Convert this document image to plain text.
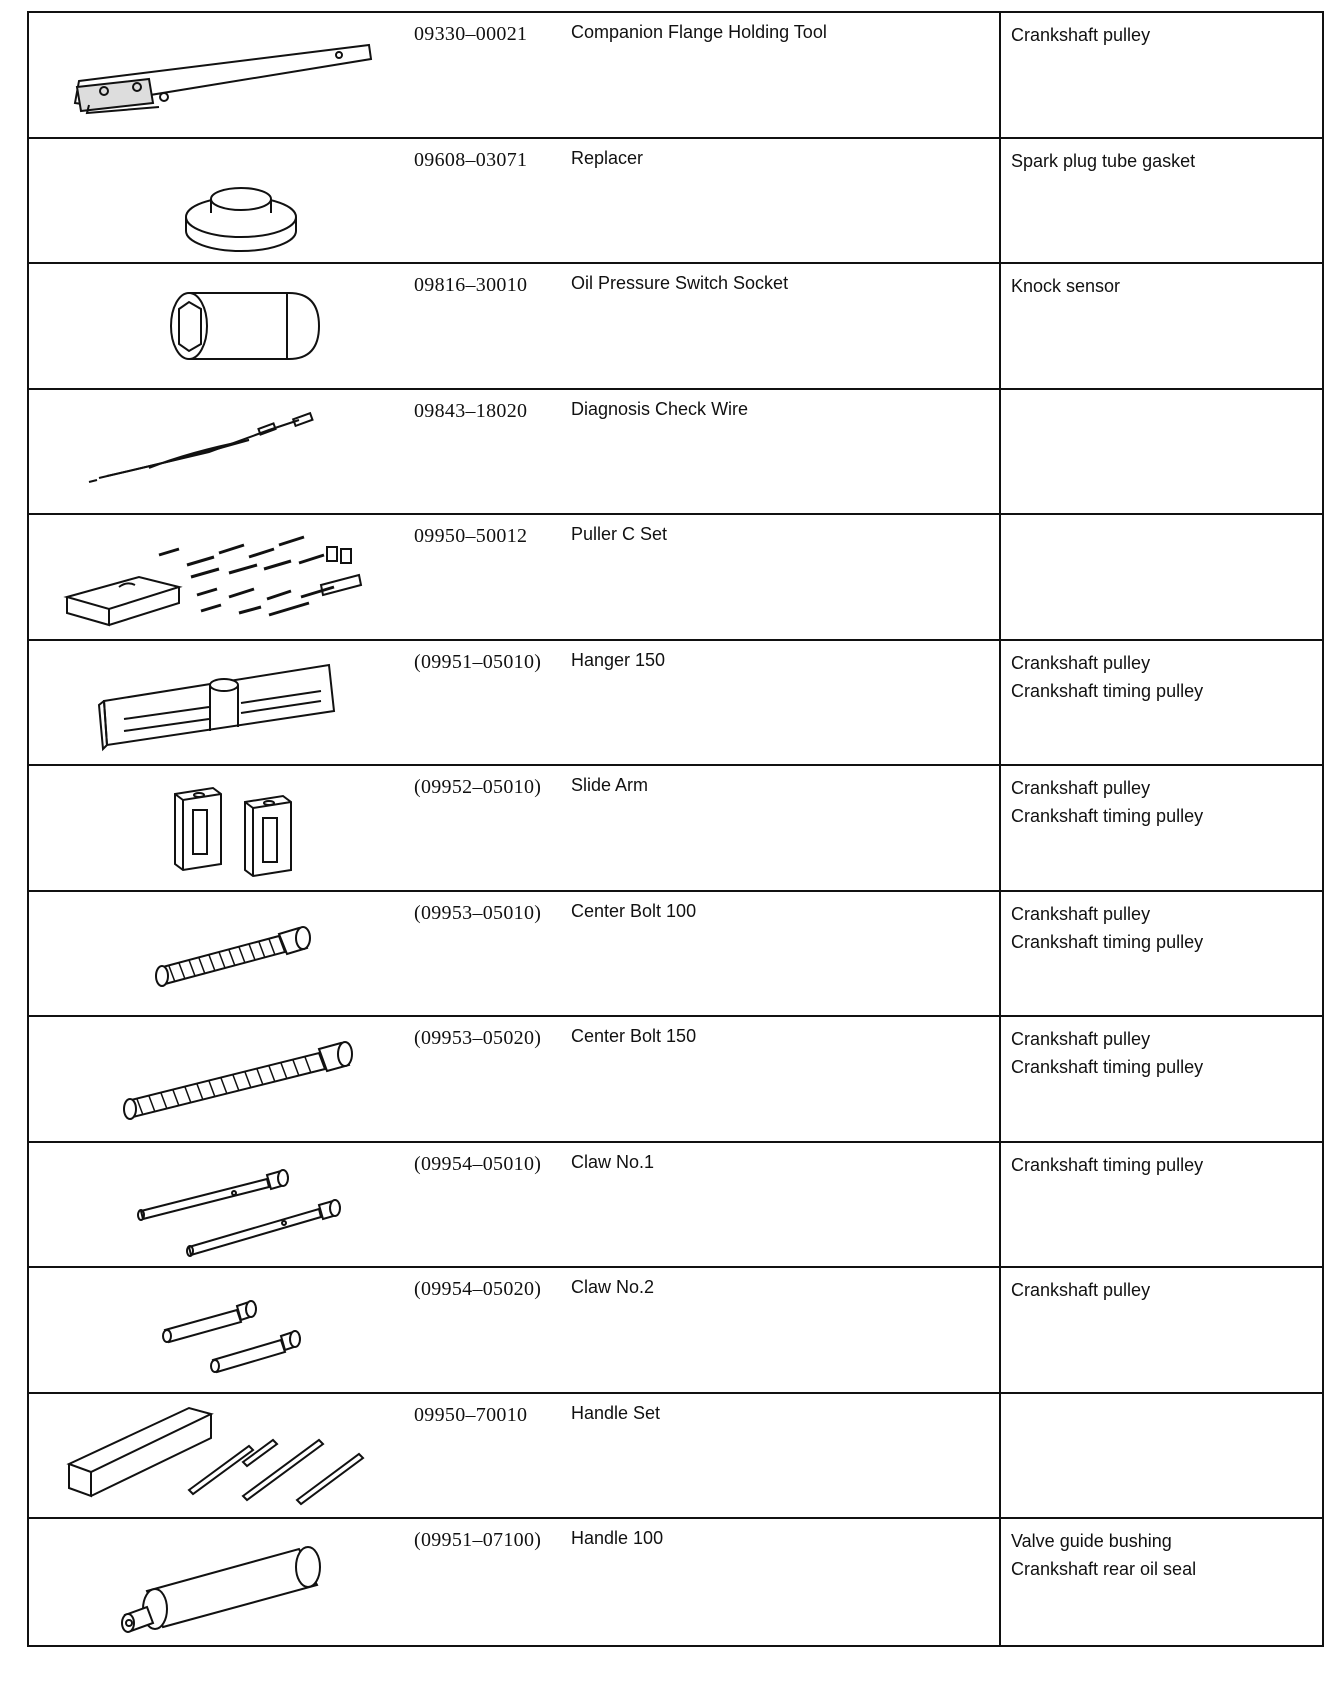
09330–00021	Companion Flange Holding Tool	Crankshaft pulley
09608–03071	Replacer	Spark plug tube gasket
09816–30010	Oil Pressure Switch Socket	Knock sensor
09843–18020	Diagnosis Check Wire
09950–50012	Puller C Set
(09951–05010)	Hanger 150	Crankshaft pulley
Crankshaft timing pulley
(09952–05010)	Slide Arm	Crankshaft pulley
Crankshaft timing pulley
(09953–05010)	Center Bolt 100	Crankshaft pulley
Crankshaft timing pulley
(09953–05020)	Center Bolt 150	Crankshaft pulley
Crankshaft timing pulley
(09954–05010)	Claw No.1	Crankshaft timing pulley
(09954–05020)	Claw No.2	Crankshaft pulley
09950–70010	Handle Set
(09951–07100)	Handle 100	Valve guide bushing
Crankshaft rear oil seal
